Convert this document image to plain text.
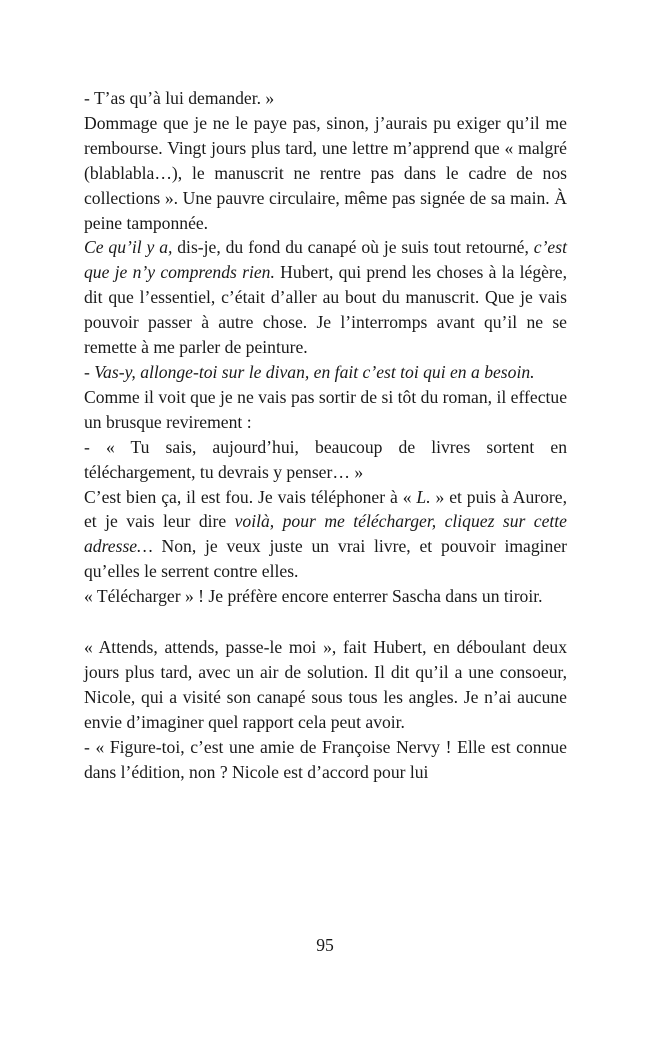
- T’as qu’à lui demander. »

Dommage que je ne le paye pas, sinon, j’aurais pu exiger qu’il me rembourse. Vingt jours plus tard, une lettre m’apprend que « malgré (blablabla…), le manuscrit ne rentre pas dans le cadre de nos collections ». Une pauvre circulaire, même pas signée de sa main. À peine tamponnée.

Ce qu’il y a, dis-je, du fond du canapé où je suis tout retourné, c’est que je n’y comprends rien. Hubert, qui prend les choses à la légère, dit que l’essentiel, c’était d’aller au bout du manuscrit. Que je vais pouvoir passer à autre chose. Je l’interromps avant qu’il ne se remette à me parler de peinture.

- Vas-y, allonge-toi sur le divan, en fait c’est toi qui en a besoin.

Comme il voit que je ne vais pas sortir de si tôt du roman, il effectue un brusque revirement :

- « Tu sais, aujourd’hui, beaucoup de livres sortent en téléchargement, tu devrais y penser… »

C’est bien ça, il est fou. Je vais téléphoner à « L. » et puis à Aurore, et je vais leur dire voilà, pour me télécharger, cliquez sur cette adresse… Non, je veux juste un vrai livre, et pouvoir imaginer qu’elles le serrent contre elles.

« Télécharger » ! Je préfère encore enterrer Sascha dans un tiroir.

« Attends, attends, passe-le moi », fait Hubert, en déboulant deux jours plus tard, avec un air de solution. Il dit qu’il a une consoeur, Nicole, qui a visité son canapé sous tous les angles. Je n’ai aucune envie d’imaginer quel rapport cela peut avoir.

- « Figure-toi, c’est une amie de Françoise Nervy ! Elle est connue dans l’édition, non ? Nicole est d’accord pour lui

95
